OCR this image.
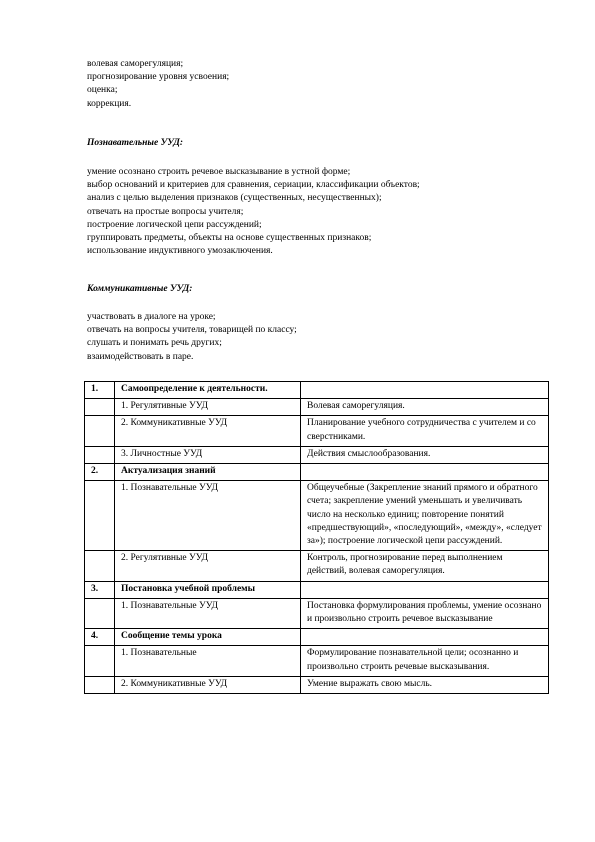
волевая саморегуляция;
прогнозирование уровня усвоения;
оценка;
коррекция.
Познавательные УУД:
умение осознано строить речевое высказывание в устной форме;
выбор оснований и критериев для сравнения, сериации, классификации объектов;
анализ с целью выделения признаков (существенных, несущественных);
отвечать на простые вопросы учителя;
построение логической цепи рассуждений;
группировать предметы, объекты на основе существенных признаков;
использование индуктивного умозаключения.
Коммуникативные УУД:
участвовать в диалоге на уроке;
отвечать на вопросы учителя, товарищей по классу;
слушать и понимать речь других;
взаимодействовать в паре.
1.	Самоопределение к деятельности.	
	1. Регулятивные УУД	Волевая саморегуляция.
	2. Коммуникативные УУД	Планирование учебного сотрудничества с учителем и со сверстниками.
	3. Личностные УУД	Действия смыслообразования.
2.	Актуализация знаний	
	1. Познавательные УУД	Общеучебные (Закрепление знаний прямого и обратного счета; закрепление умений уменьшать и увеличивать число на несколько единиц; повторение понятий «предшествующий», «последующий», «между», «следует за»); построение логической цепи рассуждений.
	2. Регулятивные УУД	Контроль, прогнозирование перед выполнением действий, волевая саморегуляция.
3.	Постановка учебной проблемы	
	1. Познавательные УУД	Постановка формулирования проблемы, умение осознано и произвольно строить речевое высказывание
4.	Сообщение темы урока	
	1. Познавательные	Формулирование познавательной цели; осознанно и произвольно строить речевые высказывания.
	2. Коммуникативные УУД	Умение выражать свою мысль.
